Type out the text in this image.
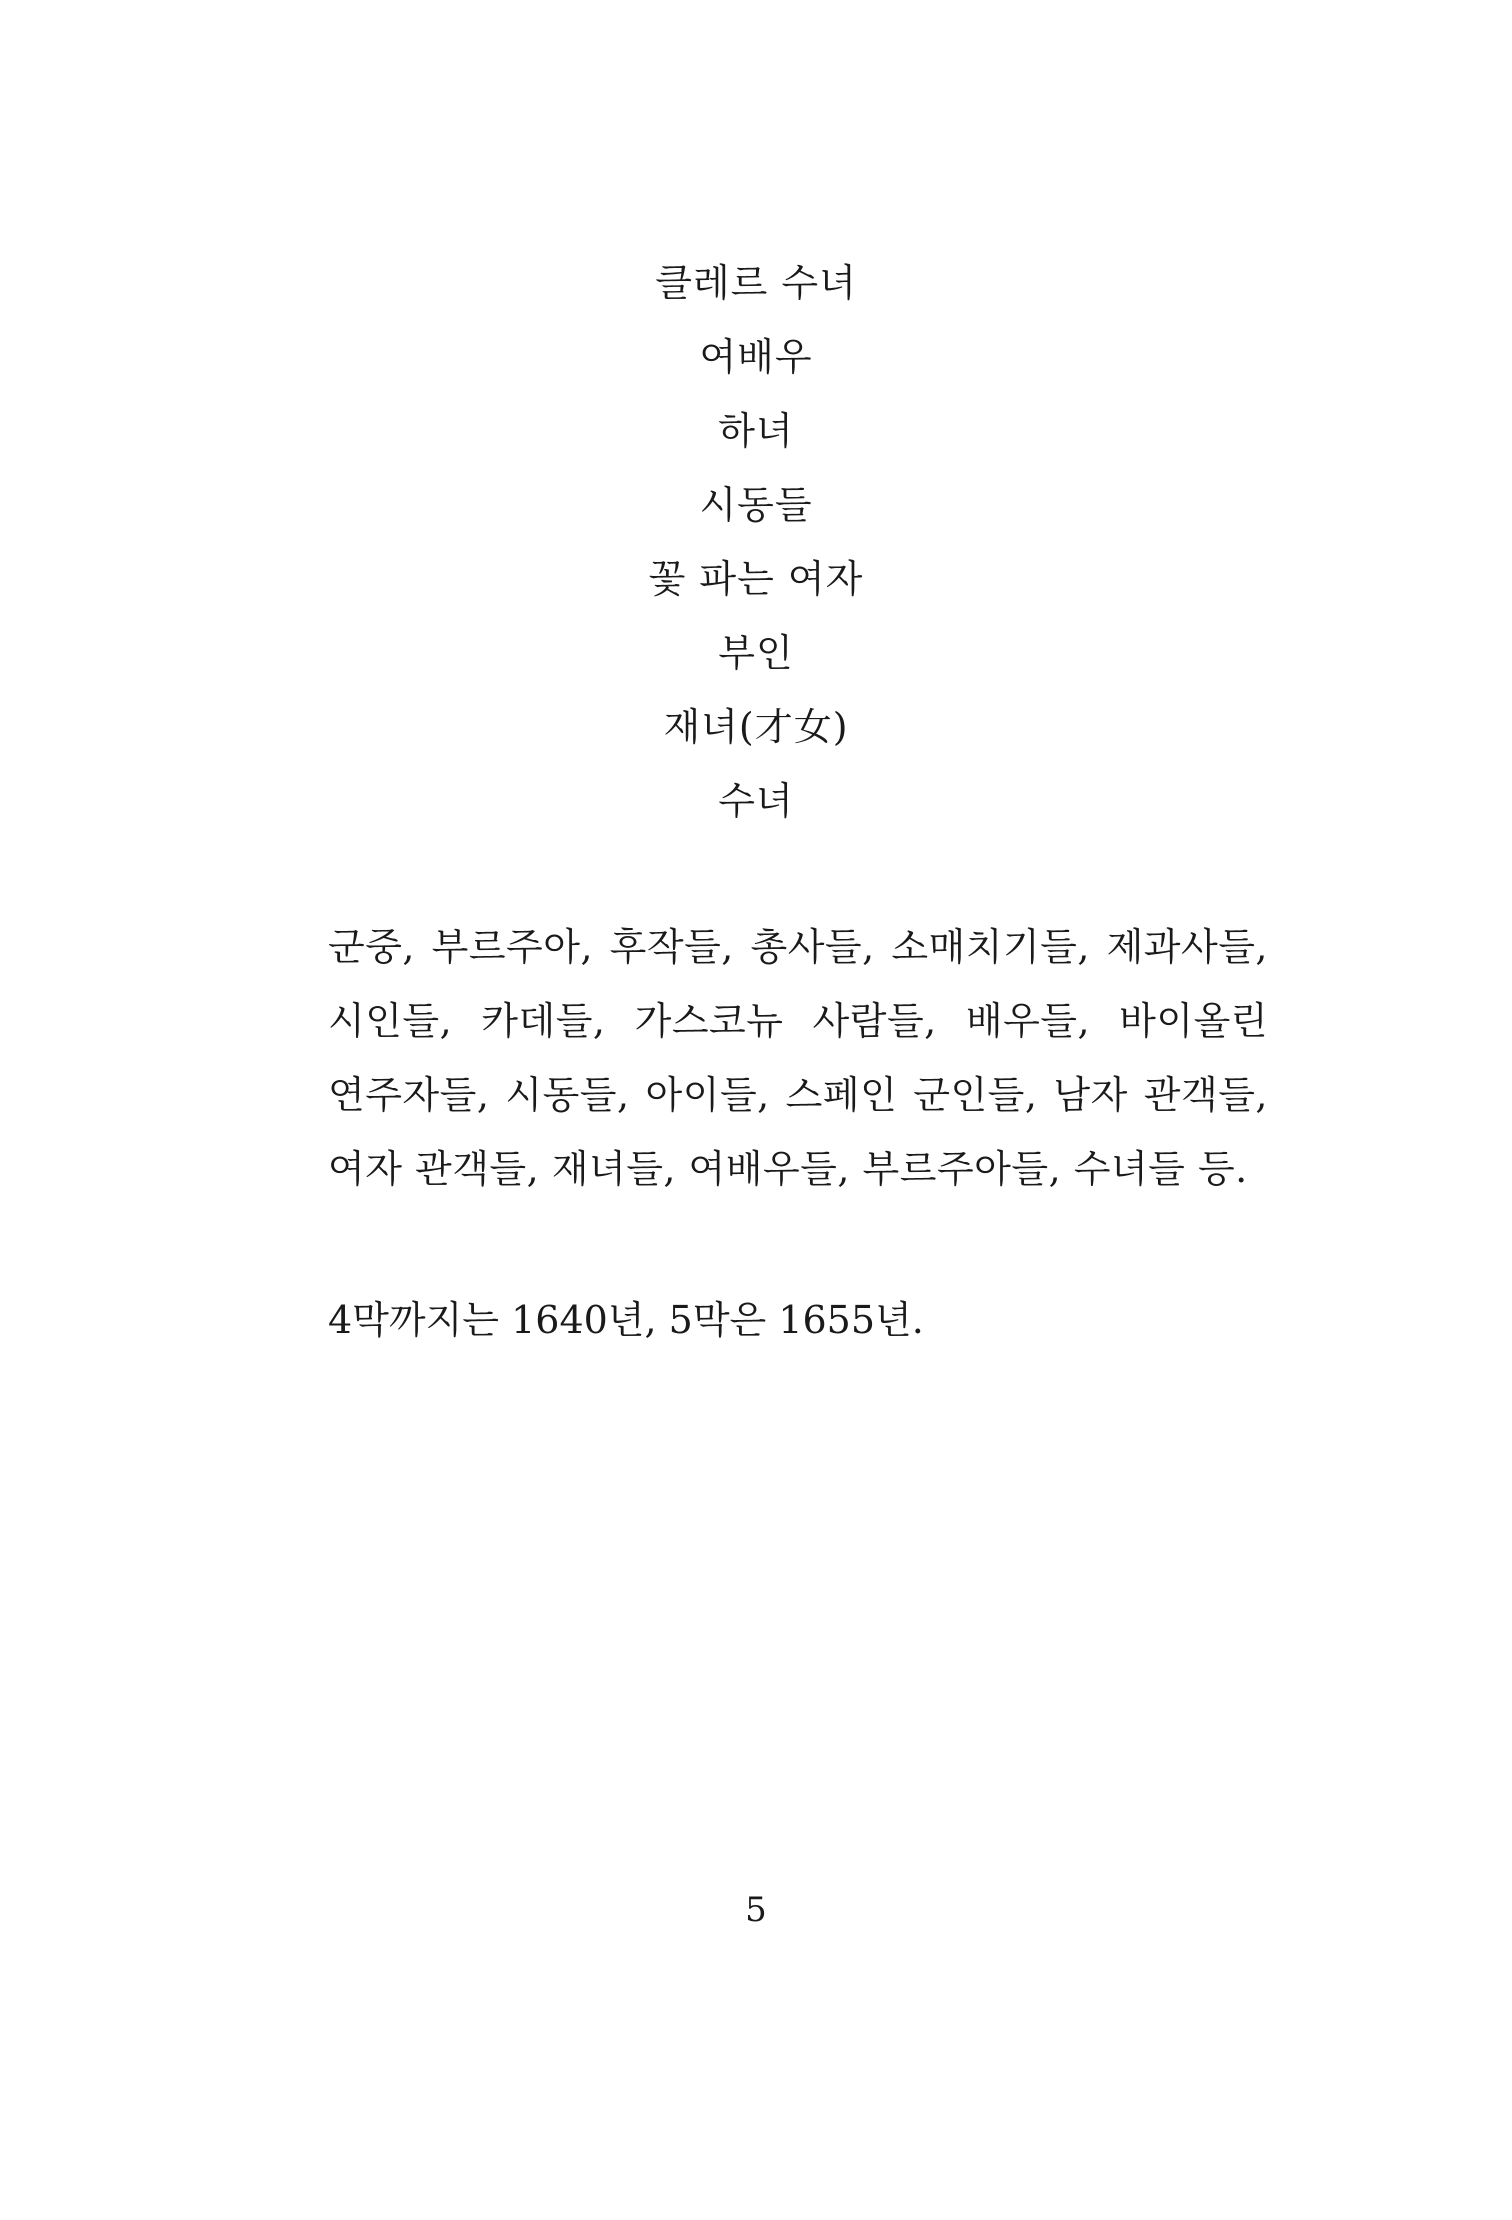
클레르 수녀
여배우
하녀
시동들
꽃 파는 여자
부인
재녀(才女)
수녀

군중, 부르주아, 후작들, 총사들, 소매치기들, 제과사들, 시인들, 카데들, 가스코뉴 사람들, 배우들, 바이올린 연주자들, 시동들, 아이들, 스페인 군인들, 남자 관객들, 여자 관객들, 재녀들, 여배우들, 부르주아들, 수녀들 등.

4막까지는 1640년, 5막은 1655년.

5
